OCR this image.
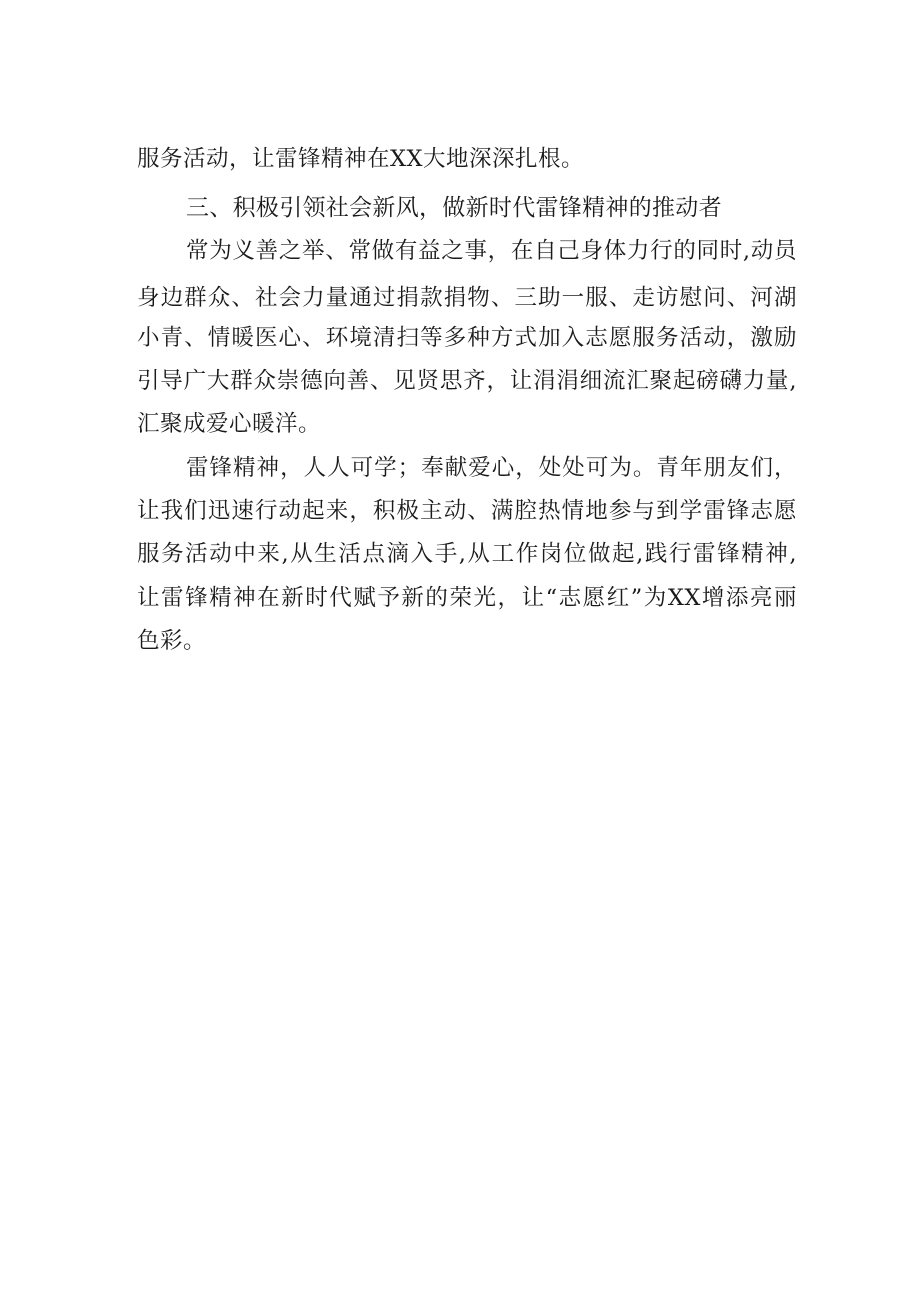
服务活动，让雷锋精神在XX大地深深扎根。
三、积极引领社会新风，做新时代雷锋精神的推动者
常为义善之举、常做有益之事，在自己身体力行的同时,动员
身边群众、社会力量通过捐款捐物、三助一服、走访慰问、河湖
小青、情暖医心、环境清扫等多种方式加入志愿服务活动，激励
引导广大群众崇德向善、见贤思齐，让涓涓细流汇聚起磅礴力量,
汇聚成爱心暖洋。
雷锋精神，人人可学；奉献爱心，处处可为。青年朋友们，
让我们迅速行动起来，积极主动、满腔热情地参与到学雷锋志愿
服务活动中来,从生活点滴入手,从工作岗位做起,践行雷锋精神,
让雷锋精神在新时代赋予新的荣光，让“志愿红”为XX增添亮丽
色彩。
